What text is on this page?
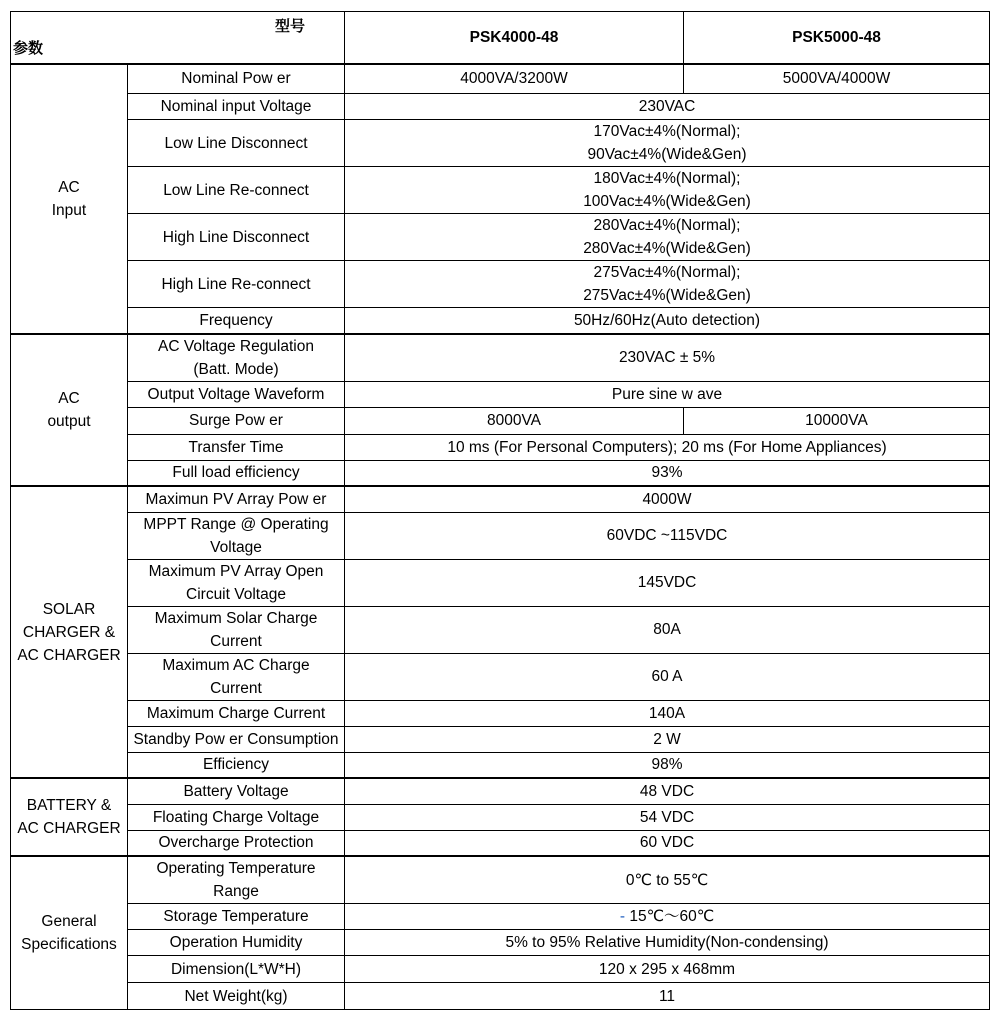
型号
参数		PSK4000-48	PSK5000-48

AC
Input	Nominal Pow er	4000VA/3200W	5000VA/4000W
	Nominal input Voltage	230VAC	
	Low Line Disconnect	170Vac±4%(Normal);
90Vac±4%(Wide&Gen)	

	Low Line Re-connect	180Vac±4%(Normal);
100Vac±4%(Wide&Gen)	

	High Line Disconnect	280Vac±4%(Normal);
280Vac±4%(Wide&Gen)	

	High Line Re-connect	275Vac±4%(Normal);
275Vac±4%(Wide&Gen)	

	Frequency	50Hz/60Hz(Auto detection)	

AC
output	AC Voltage Regulation
(Batt. Mode)	230VAC ± 5%	
	Output Voltage Waveform	Pure sine w ave	
	Surge Pow er	8000VA	10000VA
	Transfer Time	10 ms (For Personal Computers); 20 ms (For Home Appliances)	
	Full load efficiency	93%	

SOLAR
CHARGER &
AC CHARGER	Maximun PV Array Pow er	4000W	

	MPPT Range @ Operating
Voltage	60VDC ~115VDC	

	Maximum PV Array Open
Circuit Voltage	145VDC	

	Maximum Solar Charge
Current	80A	

	Maximum AC Charge
Current	60 A	
	Maximum Charge Current	140A	
	Standby Pow er Consumption	2 W	
	Efficiency	98%	

BATTERY &
AC CHARGER	Battery Voltage	48 VDC	
	Floating Charge Voltage	54 VDC	
	Overcharge Protection	60 VDC	

General
Specifications	Operating Temperature
Range	0℃ to 55℃	
	Storage Temperature	- 15℃～60℃	
	Operation Humidity	5% to 95% Relative Humidity(Non-condensing)	
	Dimension(L*W*H)	120 x 295 x 468mm	
	Net Weight(kg)	11	
